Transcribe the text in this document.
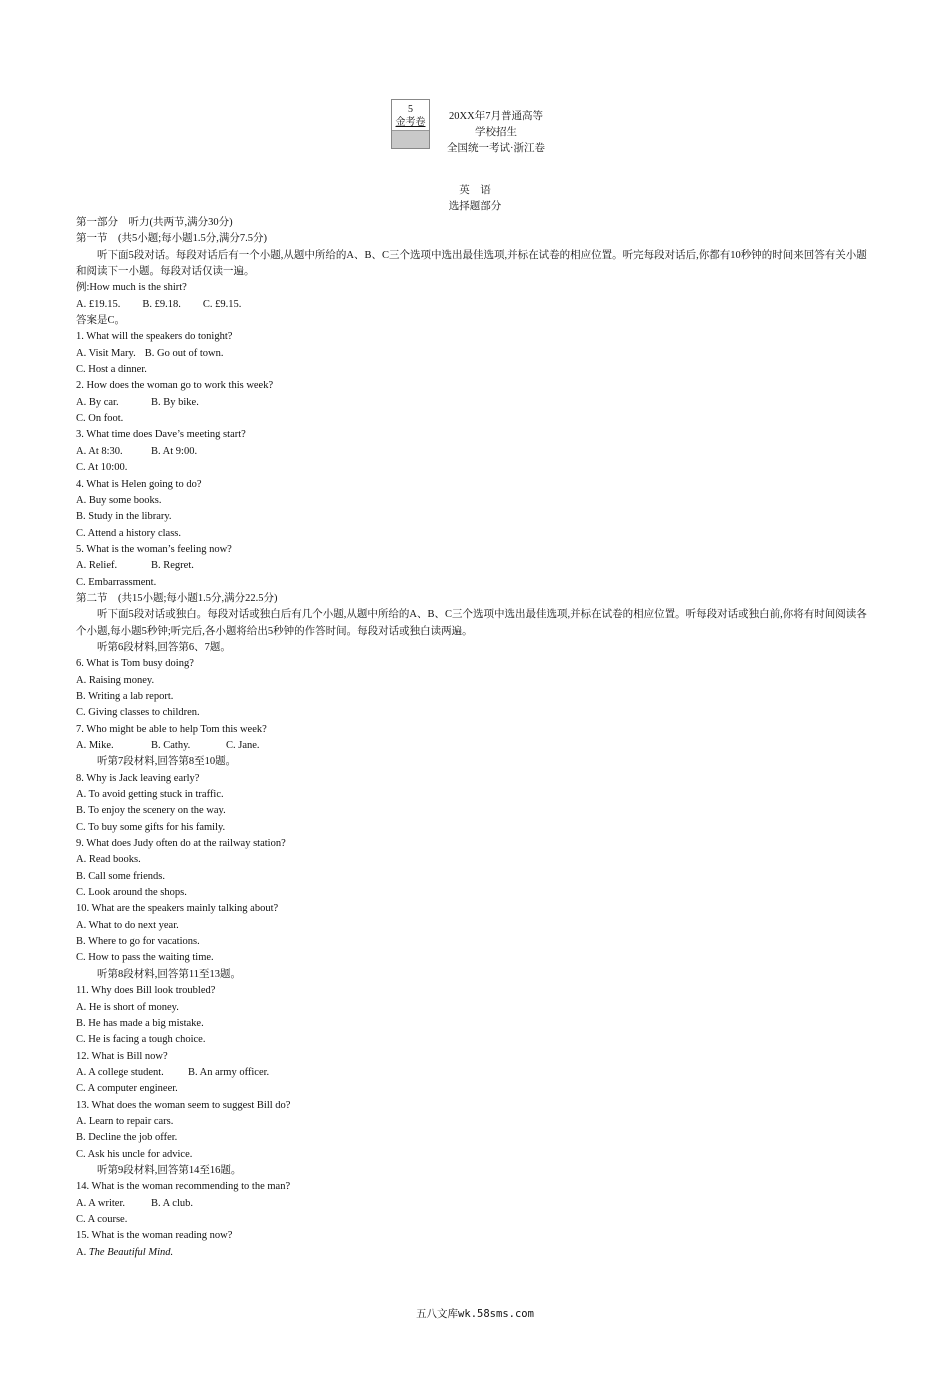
5
金考卷
20XX年7月普通高等
学校招生
全国统一考试·浙江卷
英　语
选择题部分
第一部分　听力(共两节,满分30分)
第一节　(共5小题;每小题1.5分,满分7.5分)
听下面5段对话。每段对话后有一个小题,从题中所给的A、B、C三个选项中选出最佳选项,并标在试卷的相应位置。听完每段对话后,你都有10秒钟的时间来回答有关小题和阅读下一小题。每段对话仅读一遍。
例:How much is the shirt?
A. £19.15. B. £9.18. C. £9.15.
答案是C。
1. What will the speakers do tonight?
A. Visit Mary. B. Go out of town.
C. Host a dinner.
2. How does the woman go to work this week?
A. By car.	B. By bike.
C. On foot.
3. What time does Dave’s meeting start?
A. At 8:30.	B. At 9:00.
C. At 10:00.
4. What is Helen going to do?
A. Buy some books.
B. Study in the library.
C. Attend a history class.
5. What is the woman’s feeling now?
A. Relief.	B. Regret.
C. Embarrassment.
第二节　(共15小题;每小题1.5分,满分22.5分)
听下面5段对话或独白。每段对话或独白后有几个小题,从题中所给的A、B、C三个选项中选出最佳选项,并标在试卷的相应位置。听每段对话或独白前,你将有时间阅读各个小题,每小题5秒钟;听完后,各小题将给出5秒钟的作答时间。每段对话或独白读两遍。
听第6段材料,回答第6、7题。
6. What is Tom busy doing?
A. Raising money.
B. Writing a lab report.
C. Giving classes to children.
7. Who might be able to help Tom this week?
A. Mike.	B. Cathy.	C. Jane.
听第7段材料,回答第8至10题。
8. Why is Jack leaving early?
A. To avoid getting stuck in traffic.
B. To enjoy the scenery on the way.
C. To buy some gifts for his family.
9. What does Judy often do at the railway station?
A. Read books.
B. Call some friends.
C. Look around the shops.
10. What are the speakers mainly talking about?
A. What to do next year.
B. Where to go for vacations.
C. How to pass the waiting time.
听第8段材料,回答第11至13题。
11. Why does Bill look troubled?
A. He is short of money.
B. He has made a big mistake.
C. He is facing a tough choice.
12. What is Bill now?
A. A college student. B. An army officer.
C. A computer engineer.
13. What does the woman seem to suggest Bill do?
A. Learn to repair cars.
B. Decline the job offer.
C. Ask his uncle for advice.
听第9段材料,回答第14至16题。
14. What is the woman recommending to the man?
A. A writer. B. A club.
C. A course.
15. What is the woman reading now?
A. The Beautiful Mind.
五八文库wk.58sms.com
